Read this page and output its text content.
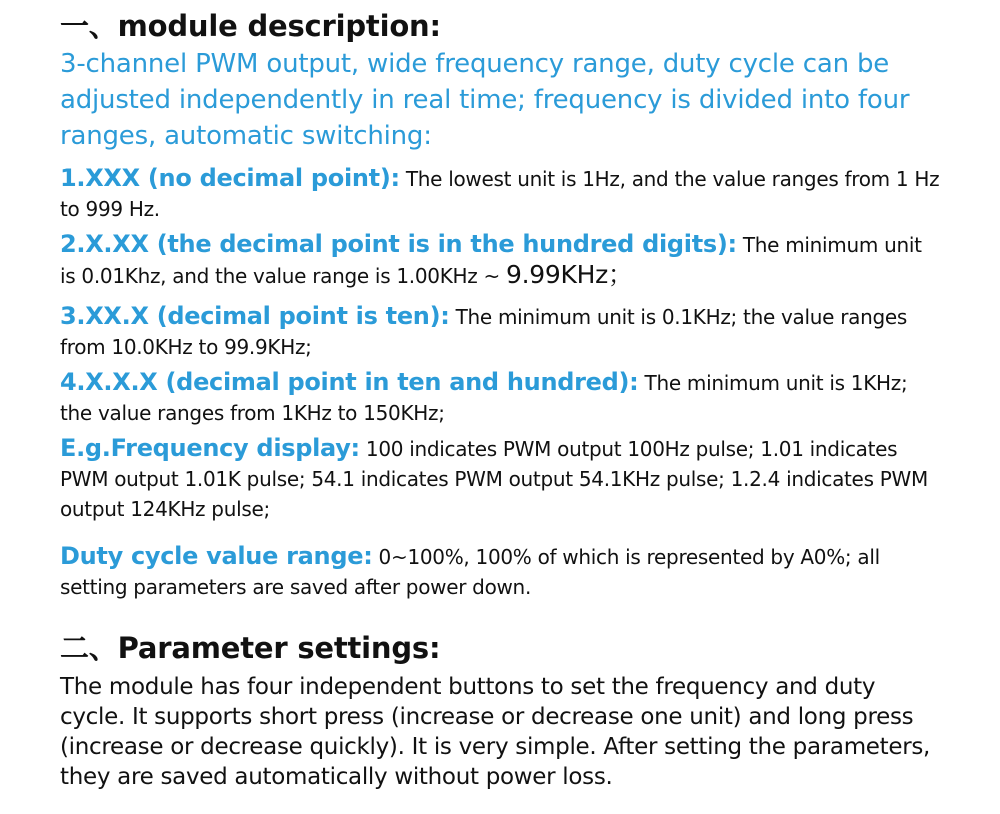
一、module description:

3-channel PWM output, wide frequency range, duty cycle can be adjusted independently in real time; frequency is divided into four ranges, automatic switching:

1.XXX (no decimal point): The lowest unit is 1Hz, and the value ranges from 1 Hz to 999 Hz.

2.X.XX (the decimal point is in the hundred digits): The minimum unit is 0.01Khz, and the value range is 1.00KHz ~ 9.99KHz；

3.XX.X (decimal point is ten): The minimum unit is 0.1KHz; the value ranges from 10.0KHz to 99.9KHz;

4.X.X.X (decimal point in ten and hundred): The minimum unit is 1KHz; the value ranges from 1KHz to 150KHz;

E.g.Frequency display: 100 indicates PWM output 100Hz pulse; 1.01 indicates PWM output 1.01K pulse; 54.1 indicates PWM output 54.1KHz pulse; 1.2.4 indicates PWM output 124KHz pulse;

Duty cycle value range: 0~100%, 100% of which is represented by A0%; all setting parameters are saved after power down.

二、Parameter settings:

The module has four independent buttons to set the frequency and duty cycle. It supports short press (increase or decrease one unit) and long press (increase or decrease quickly). It is very simple. After setting the parameters, they are saved automatically without power loss.
